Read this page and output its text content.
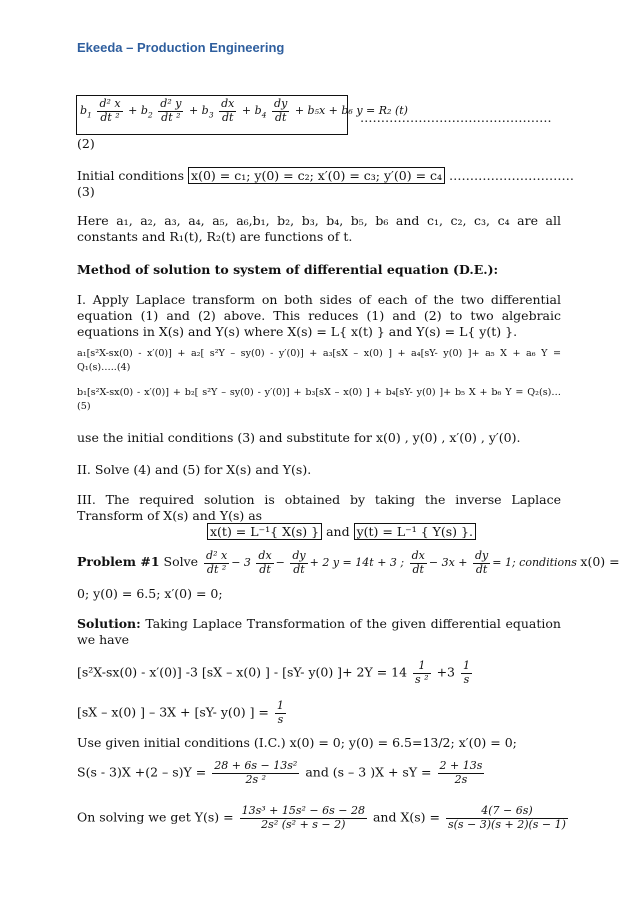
Ekeeda – Production Engineering
$b_1 \frac{\text{d² x}}{\text{dt ²}} + b_2 \frac{\text{d² y}}{\text{dt ²}} + b_3 \frac{dx}{dt} + b_4 \frac{dy}{dt} + b_5x + b_6$ y = R₂ (t)
……………………………………….
(2)
Initial conditions x(0) = c₁; y(0) = c₂; x′(0) = c₃; y′(0) = c₄ …………………………
(3)
Here a₁, a₂, a₃, a₄, a₅, a₆,b₁, b₂, b₃, b₄, b₅, b₆ and c₁, c₂, c₃, c₄ are all
constants and R₁(t), R₂(t) are functions of t.
Method of solution to system of differential equation (D.E.):
I. Apply Laplace transform on both sides of each of the two differential
equation (1) and (2) above. This reduces (1) and (2) to two algebraic
equations in X(s) and Y(s) where X(s) = L{ x(t) } and Y(s) = L{ y(t) }.
a₁[s²X-sx(0) - x′(0)] + a₂[ s²Y – sy(0) - y′(0)] + a₃[sX – x(0) ] + a₄[sY- y(0) ]+ a₅ X + a₆ Y =
Q₁(s)…..(4)
b₁[s²X-sx(0) - x′(0)] + b₂[ s²Y – sy(0) - y′(0)] + b₃[sX – x(0) ] + b₄[sY- y(0) ]+ b₅ X + b₆ Y = Q₂(s)…
(5)
use the initial conditions (3) and substitute for x(0) , y(0) , x′(0) , y′(0).
II. Solve (4) and (5) for X(s) and Y(s).
III. The required solution is obtained by taking the inverse Laplace
Transform of X(s) and Y(s) as
x(t) = L⁻¹{ X(s) } and y(t) = L⁻¹ { Y(s) }.
Problem #1 Solve $\frac{\text{d² x}}{\text{dt ²}} - 3 \frac{dx}{dt} - \frac{dy}{dt} + 2$ y = 14t + 3 ; $\frac{dx}{dt} - 3x + \frac{dy}{dt} = 1$; conditions x(0) =
0; y(0) = 6.5; x′(0) = 0;
Solution: Taking Laplace Transformation of the given differential equation
we have
[s²X-sx(0) - x′(0)] -3 [sX – x(0) ] - [sY- y(0) ]+ $2Y = 14 \frac{1}{\text{s ²}} +3 \frac{1}{s}$
[sX – x(0) ] – 3X + [sY- y(0) ] = $\frac{1}{s}$
Use given initial conditions (I.C.) x(0) = 0; y(0) = 6.5=13/2; x′(0) = 0;
$S(s - 3)X +(2 - s)Y = \frac{\text{28 + 6s − 13s²}}{\text{2s ²}}$ and (s – 3 )X + sY = $\frac{2 + 13s}{2s}$
On solving we get $Y(s) = \frac{\text{13s³ + 15s² − 6s − 28}}{\text{2s² (s² + s − 2)}}$ and $X(s) = \frac{4(7 - 6s)}{s(s - 3)(s + 2)(s - 1)}$
